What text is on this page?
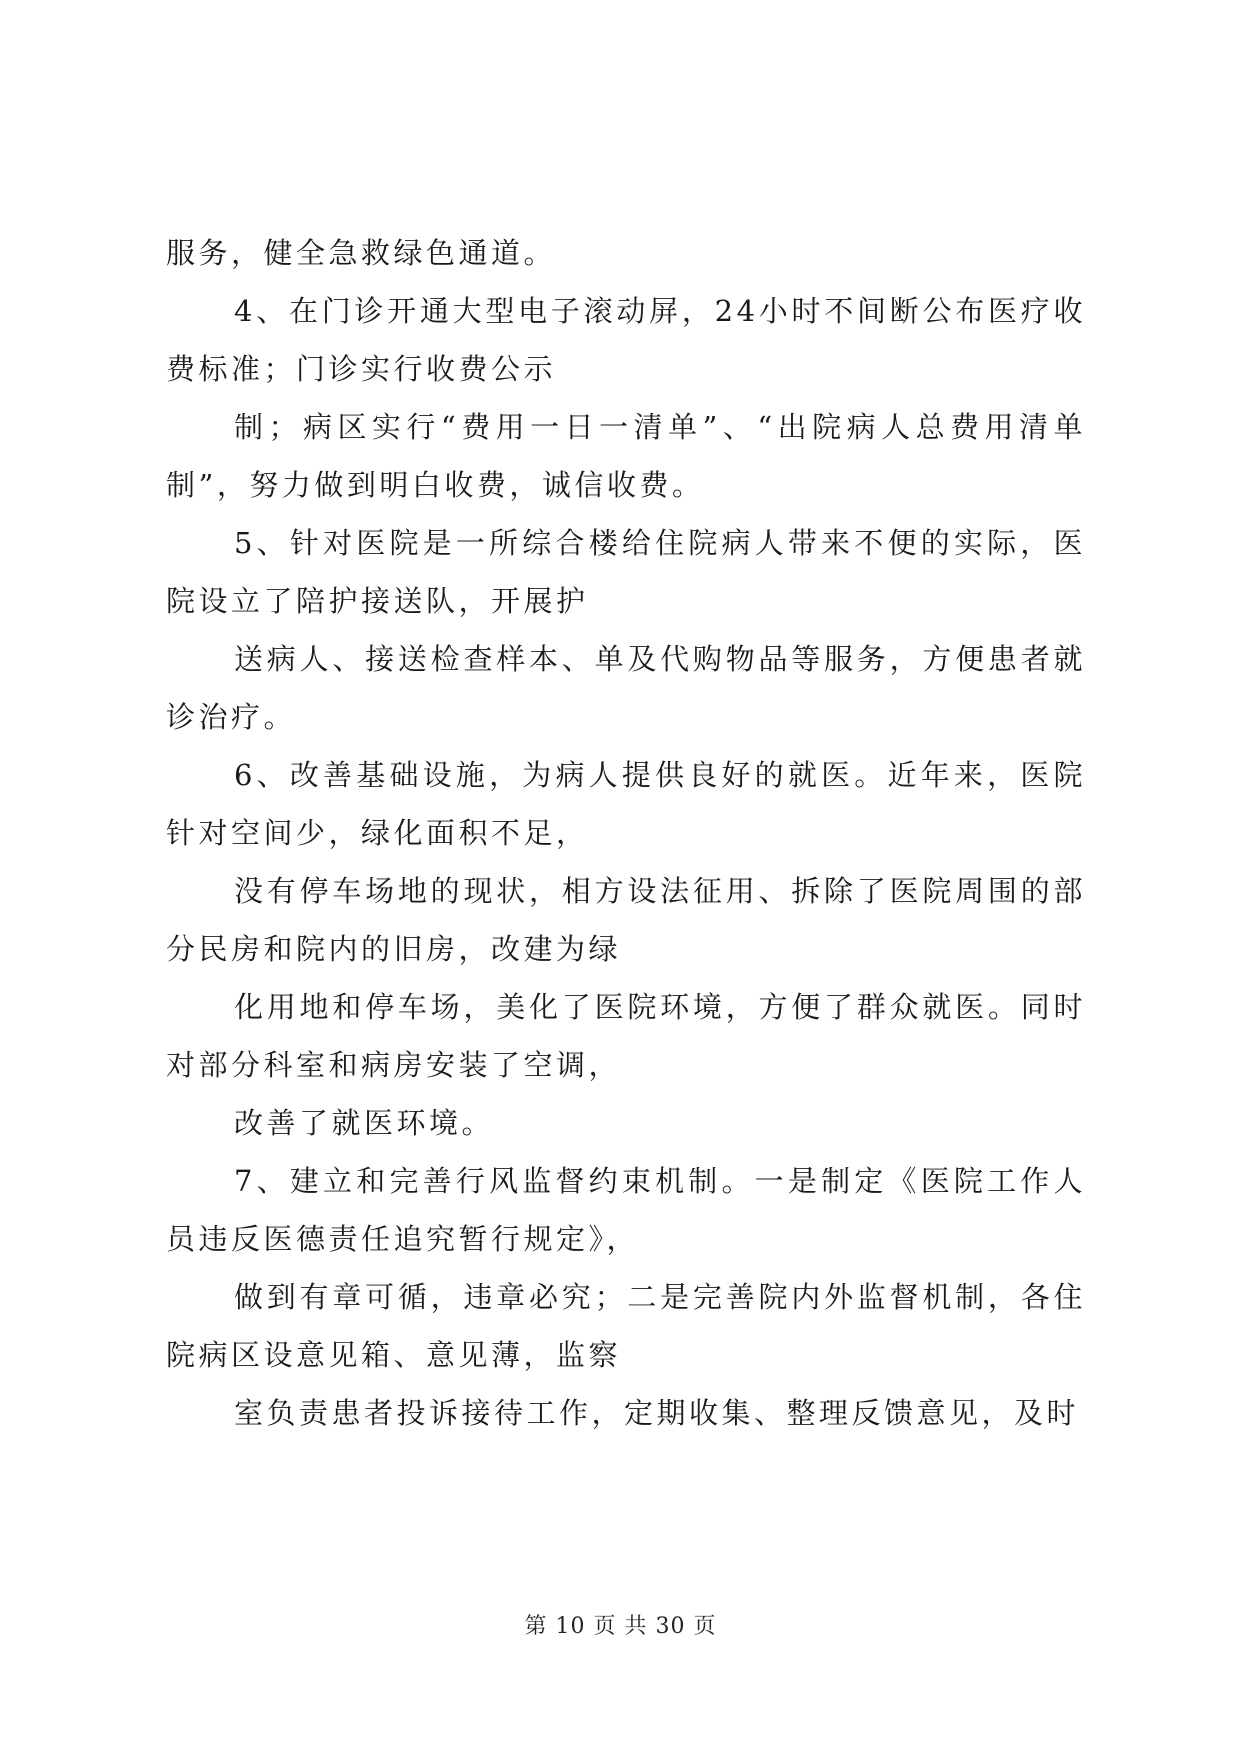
服务，健全急救绿色通道。

4、在门诊开通大型电子滚动屏，24小时不间断公布医疗收费标准；门诊实行收费公示

制；病区实行“费用一日一清单”、“出院病人总费用清单制”，努力做到明白收费，诚信收费。

5、针对医院是一所综合楼给住院病人带来不便的实际，医院设立了陪护接送队，开展护

送病人、接送检查样本、单及代购物品等服务，方便患者就诊治疗。

6、改善基础设施，为病人提供良好的就医。近年来，医院针对空间少，绿化面积不足，

没有停车场地的现状，相方设法征用、拆除了医院周围的部分民房和院内的旧房，改建为绿

化用地和停车场，美化了医院环境，方便了群众就医。同时对部分科室和病房安装了空调，

改善了就医环境。

7、建立和完善行风监督约束机制。一是制定《医院工作人员违反医德责任追究暂行规定》，

做到有章可循，违章必究；二是完善院内外监督机制，各住院病区设意见箱、意见薄，监察

室负责患者投诉接待工作，定期收集、整理反馈意见，及时

第 10 页 共 30 页
